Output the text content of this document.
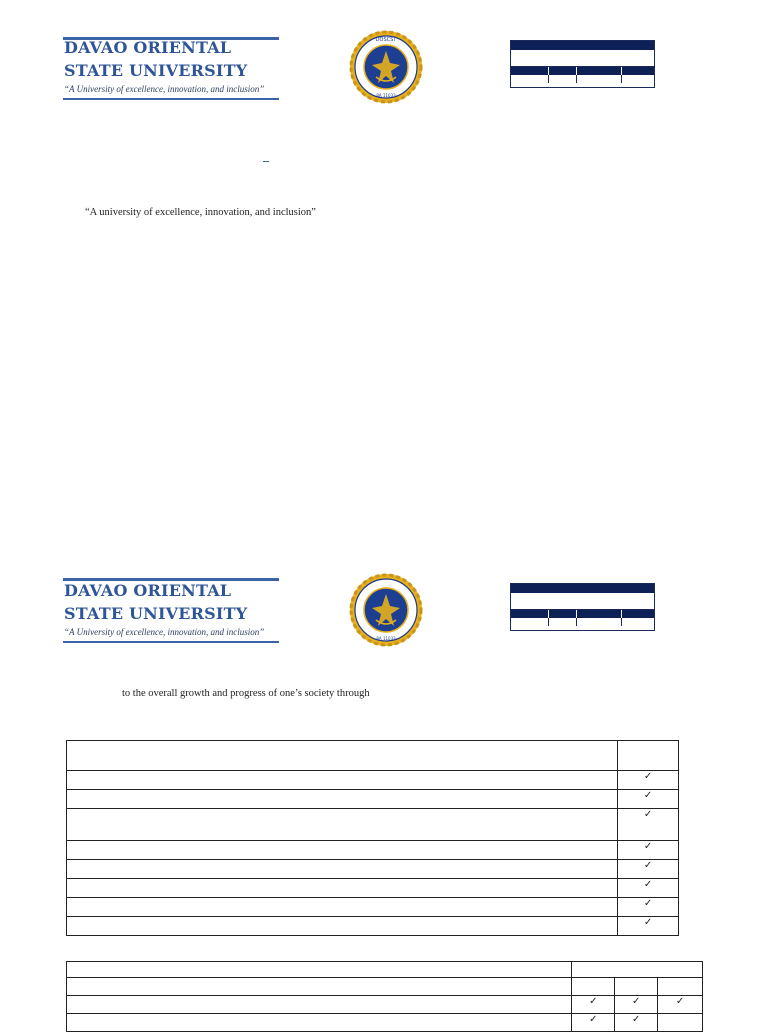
DAVAO ORIENTAL
STATE UNIVERSITY
“A University of excellence, innovation, and inclusion”
DOSCST
RA 11033
“A university of excellence, innovation, and inclusion”
DAVAO ORIENTAL
STATE UNIVERSITY
“A University of excellence, innovation, and inclusion”
RA 11033
to the overall growth and progress of one’s society through

	✓
	✓
	✓
	✓
	✓
	✓
	✓
	✓

	✓	✓	✓
	✓	✓	
